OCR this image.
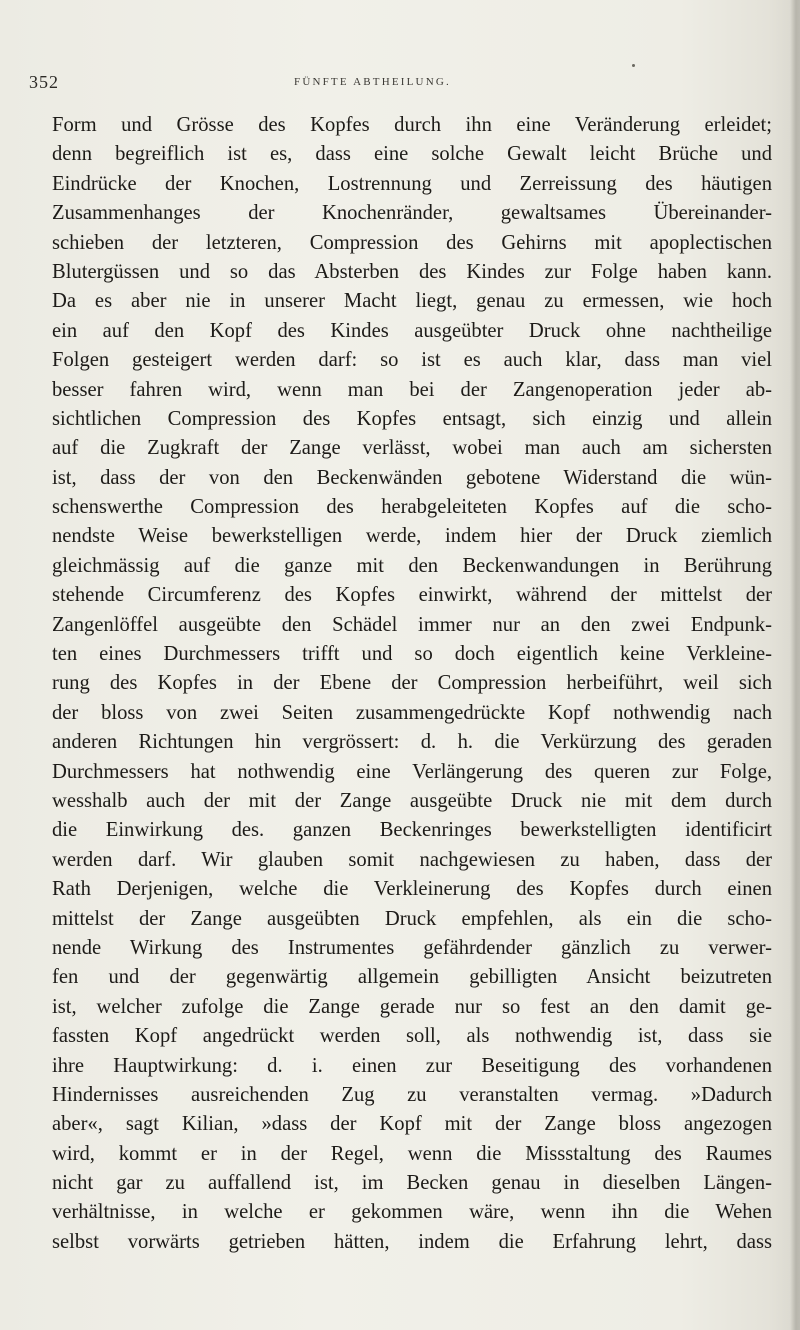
352	FÜNFTE ABTHEILUNG.
Form und Grösse des Kopfes durch ihn eine Veränderung erleidet;
denn begreiflich ist es, dass eine solche Gewalt leicht Brüche und
Eindrücke der Knochen, Lostrennung und Zerreissung des häutigen
Zusammenhanges der Knochenränder, gewaltsames Übereinander-
schieben der letzteren, Compression des Gehirns mit apoplectischen
Blutergüssen und so das Absterben des Kindes zur Folge haben kann.
Da es aber nie in unserer Macht liegt, genau zu ermessen, wie hoch
ein auf den Kopf des Kindes ausgeübter Druck ohne nachtheilige
Folgen gesteigert werden darf: so ist es auch klar, dass man viel
besser fahren wird, wenn man bei der Zangenoperation jeder ab-
sichtlichen Compression des Kopfes entsagt, sich einzig und allein
auf die Zugkraft der Zange verlässt, wobei man auch am sichersten
ist, dass der von den Beckenwänden gebotene Widerstand die wün-
schenswerthe Compression des herabgeleiteten Kopfes auf die scho-
nendste Weise bewerkstelligen werde, indem hier der Druck ziemlich
gleichmässig auf die ganze mit den Beckenwandungen in Berührung
stehende Circumferenz des Kopfes einwirkt, während der mittelst der
Zangenlöffel ausgeübte den Schädel immer nur an den zwei Endpunk-
ten eines Durchmessers trifft und so doch eigentlich keine Verkleine-
rung des Kopfes in der Ebene der Compression herbeiführt, weil sich
der bloss von zwei Seiten zusammengedrückte Kopf nothwendig nach
anderen Richtungen hin vergrössert: d. h. die Verkürzung des geraden
Durchmessers hat nothwendig eine Verlängerung des queren zur Folge,
wesshalb auch der mit der Zange ausgeübte Druck nie mit dem durch
die Einwirkung des. ganzen Beckenringes bewerkstelligten identificirt
werden darf. Wir glauben somit nachgewiesen zu haben, dass der
Rath Derjenigen, welche die Verkleinerung des Kopfes durch einen
mittelst der Zange ausgeübten Druck empfehlen, als ein die scho-
nende Wirkung des Instrumentes gefährdender gänzlich zu verwer-
fen und der gegenwärtig allgemein gebilligten Ansicht beizutreten
ist, welcher zufolge die Zange gerade nur so fest an den damit ge-
fassten Kopf angedrückt werden soll, als nothwendig ist, dass sie
ihre Hauptwirkung: d. i. einen zur Beseitigung des vorhandenen
Hindernisses ausreichenden Zug zu veranstalten vermag. »Dadurch
aber«, sagt Kilian, »dass der Kopf mit der Zange bloss angezogen
wird, kommt er in der Regel, wenn die Missstaltung des Raumes
nicht gar zu auffallend ist, im Becken genau in dieselben Längen-
verhältnisse, in welche er gekommen wäre, wenn ihn die Wehen
selbst vorwärts getrieben hätten, indem die Erfahrung lehrt, dass
